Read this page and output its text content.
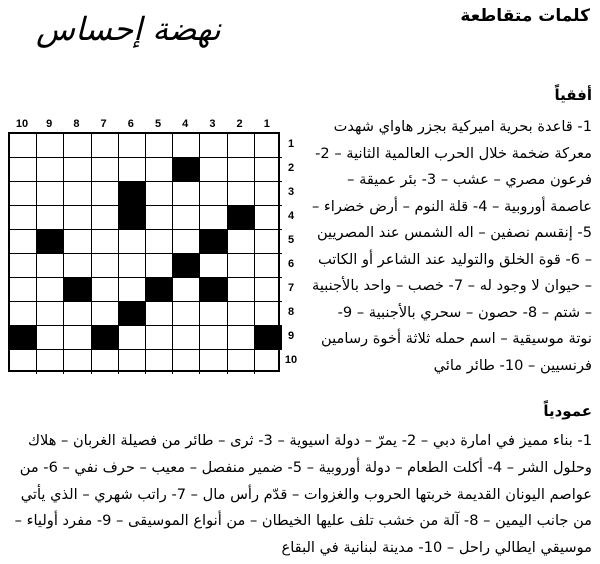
كلمات متقاطعة
نهضة إحساس
10	9	8	7	6	5	4	3	2	1
1
2
3
4
5
6
7
8
9
10
أفقياً
1- قاعدة بحرية اميركية بجزر هاواي شهدت معركة ضخمة خلال الحرب العالمية الثانية – 2- فرعون مصري – عشب – 3- بئر عميقة – عاصمة أوروبية – 4- قلة النوم – أرض خضراء – 5- إنقسم نصفين – اله الشمس عند المصريين – 6- قوة الخلق والتوليد عند الشاعر أو الكاتب – حيوان لا وجود له – 7- خصب – واحد بالأجنبية – شتم – 8- حصون – سحري بالأجنبية – 9- نوتة موسيقية – اسم حمله ثلاثة أخوة رسامين فرنسيين – 10- طائر مائي
عمودياً
1- بناء مميز في امارة دبي – 2- يمرّ – دولة اسيوية – 3- ثرى – طائر من فصيلة الغربان – هلاك وحلول الشر – 4- أكلت الطعام – دولة أوروبية – 5- ضمير منفصل – معيب – حرف نفي – 6- من عواصم اليونان القديمة خربتها الحروب والغزوات – قدّم رأس مال – 7- راتب شهري – الذي يأتي من جانب اليمين – 8- آلة من خشب تلف عليها الخيطان – من أنواع الموسيقى – 9- مفرد أولياء – موسيقي ايطالي راحل – 10- مدينة لبنانية في البقاع
